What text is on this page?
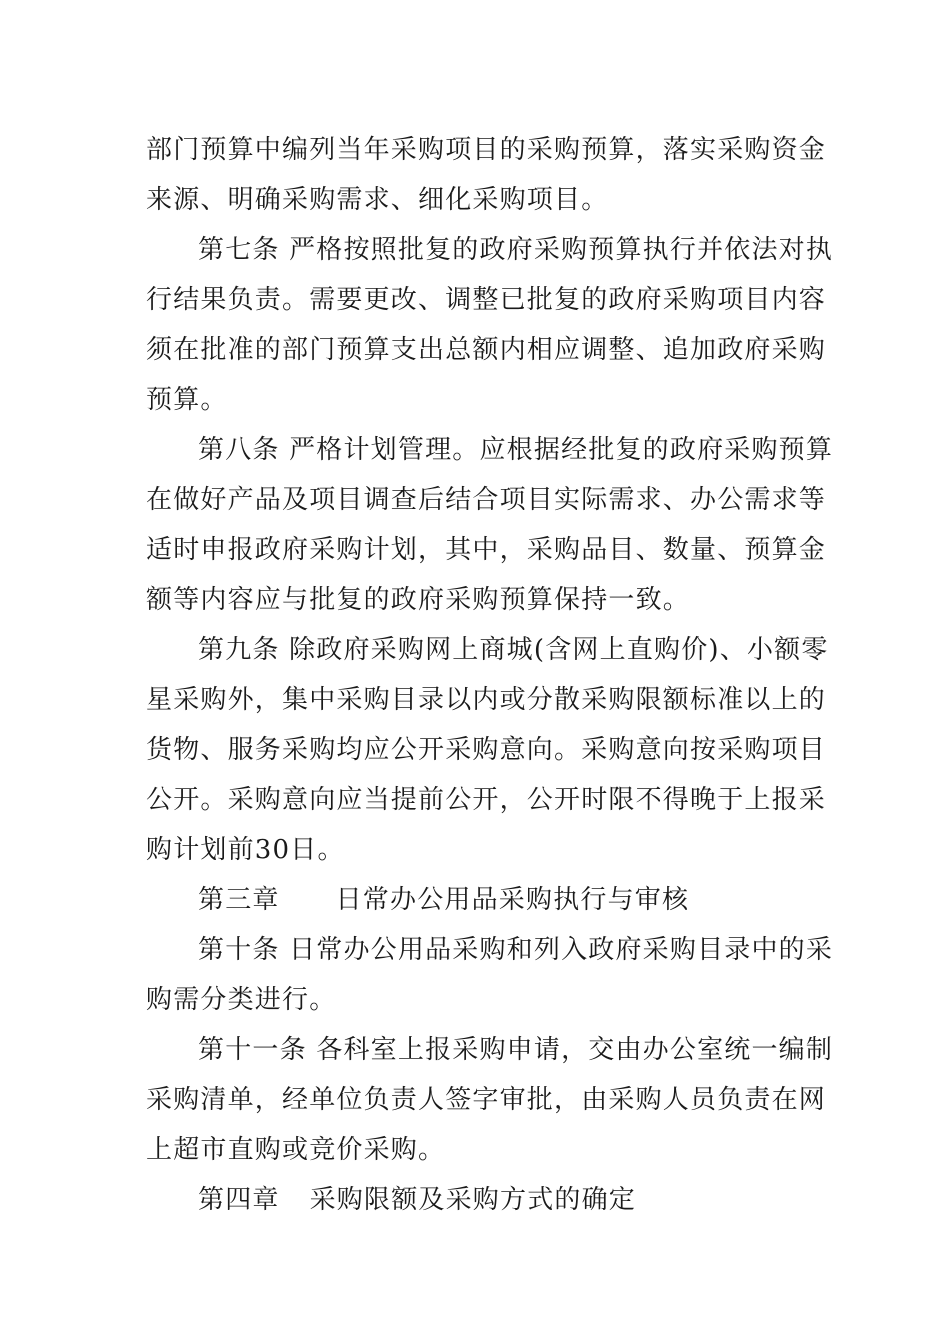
部门预算中编列当年采购项目的采购预算，落实采购资金
来源、明确采购需求、细化采购项目。
第七条 严格按照批复的政府采购预算执行并依法对执
行结果负责。需要更改、调整已批复的政府采购项目内容
须在批准的部门预算支出总额内相应调整、追加政府采购
预算。
第八条 严格计划管理。应根据经批复的政府采购预算
在做好产品及项目调查后结合项目实际需求、办公需求等
适时申报政府采购计划，其中，采购品目、数量、预算金
额等内容应与批复的政府采购预算保持一致。
第九条 除政府采购网上商城(含网上直购价)、小额零
星采购外，集中采购目录以内或分散采购限额标准以上的
货物、服务采购均应公开采购意向。采购意向按采购项目
公开。采购意向应当提前公开，公开时限不得晚于上报采
购计划前30日。
第三章 日常办公用品采购执行与审核
第十条 日常办公用品采购和列入政府采购目录中的采
购需分类进行。
第十一条 各科室上报采购申请，交由办公室统一编制
采购清单，经单位负责人签字审批，由采购人员负责在网
上超市直购或竞价采购。
第四章 采购限额及采购方式的确定
